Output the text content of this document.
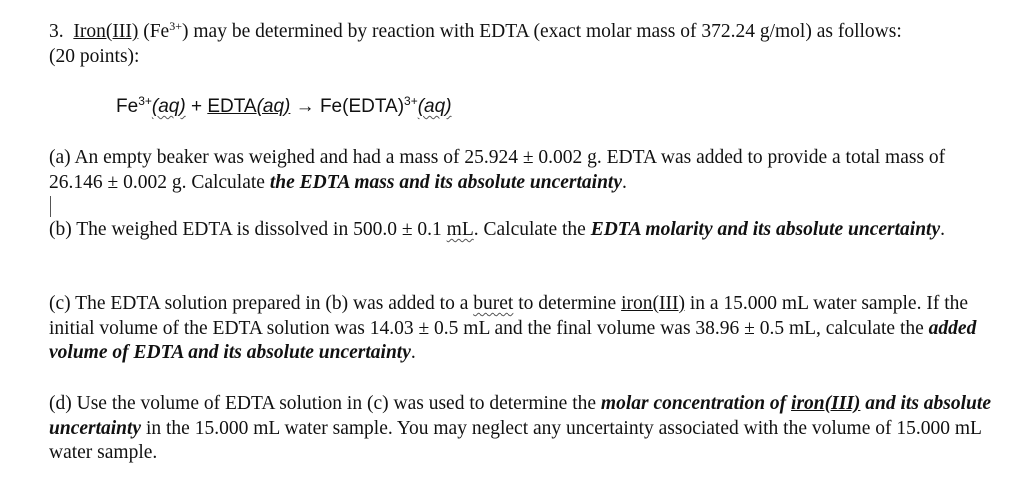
3. Iron(III) $(Fe^{3+})$ may be determined by reaction with EDTA (exact molar mass of 372.24 g/mol) as follows:
(20 points):

$Fe^{3+}(aq)$ + EDTA(aq) → Fe(EDTA)$^{3+}$(aq)

(a) An empty beaker was weighed and had a mass of 25.924 ± 0.002 g. EDTA was added to provide a total mass of 26.146 ± 0.002 g. Calculate the EDTA mass and its absolute uncertainty.

(b) The weighed EDTA is dissolved in 500.0 ± 0.1 mL. Calculate the EDTA molarity and its absolute uncertainty.

(c) The EDTA solution prepared in (b) was added to a buret to determine iron(III) in a 15.000 mL water sample. If the initial volume of the EDTA solution was 14.03 ± 0.5 mL and the final volume was 38.96 ± 0.5 mL, calculate the added volume of EDTA and its absolute uncertainty.

(d) Use the volume of EDTA solution in (c) was used to determine the molar concentration of iron(III) and its absolute uncertainty in the 15.000 mL water sample. You may neglect any uncertainty associated with the volume of 15.000 mL water sample.
